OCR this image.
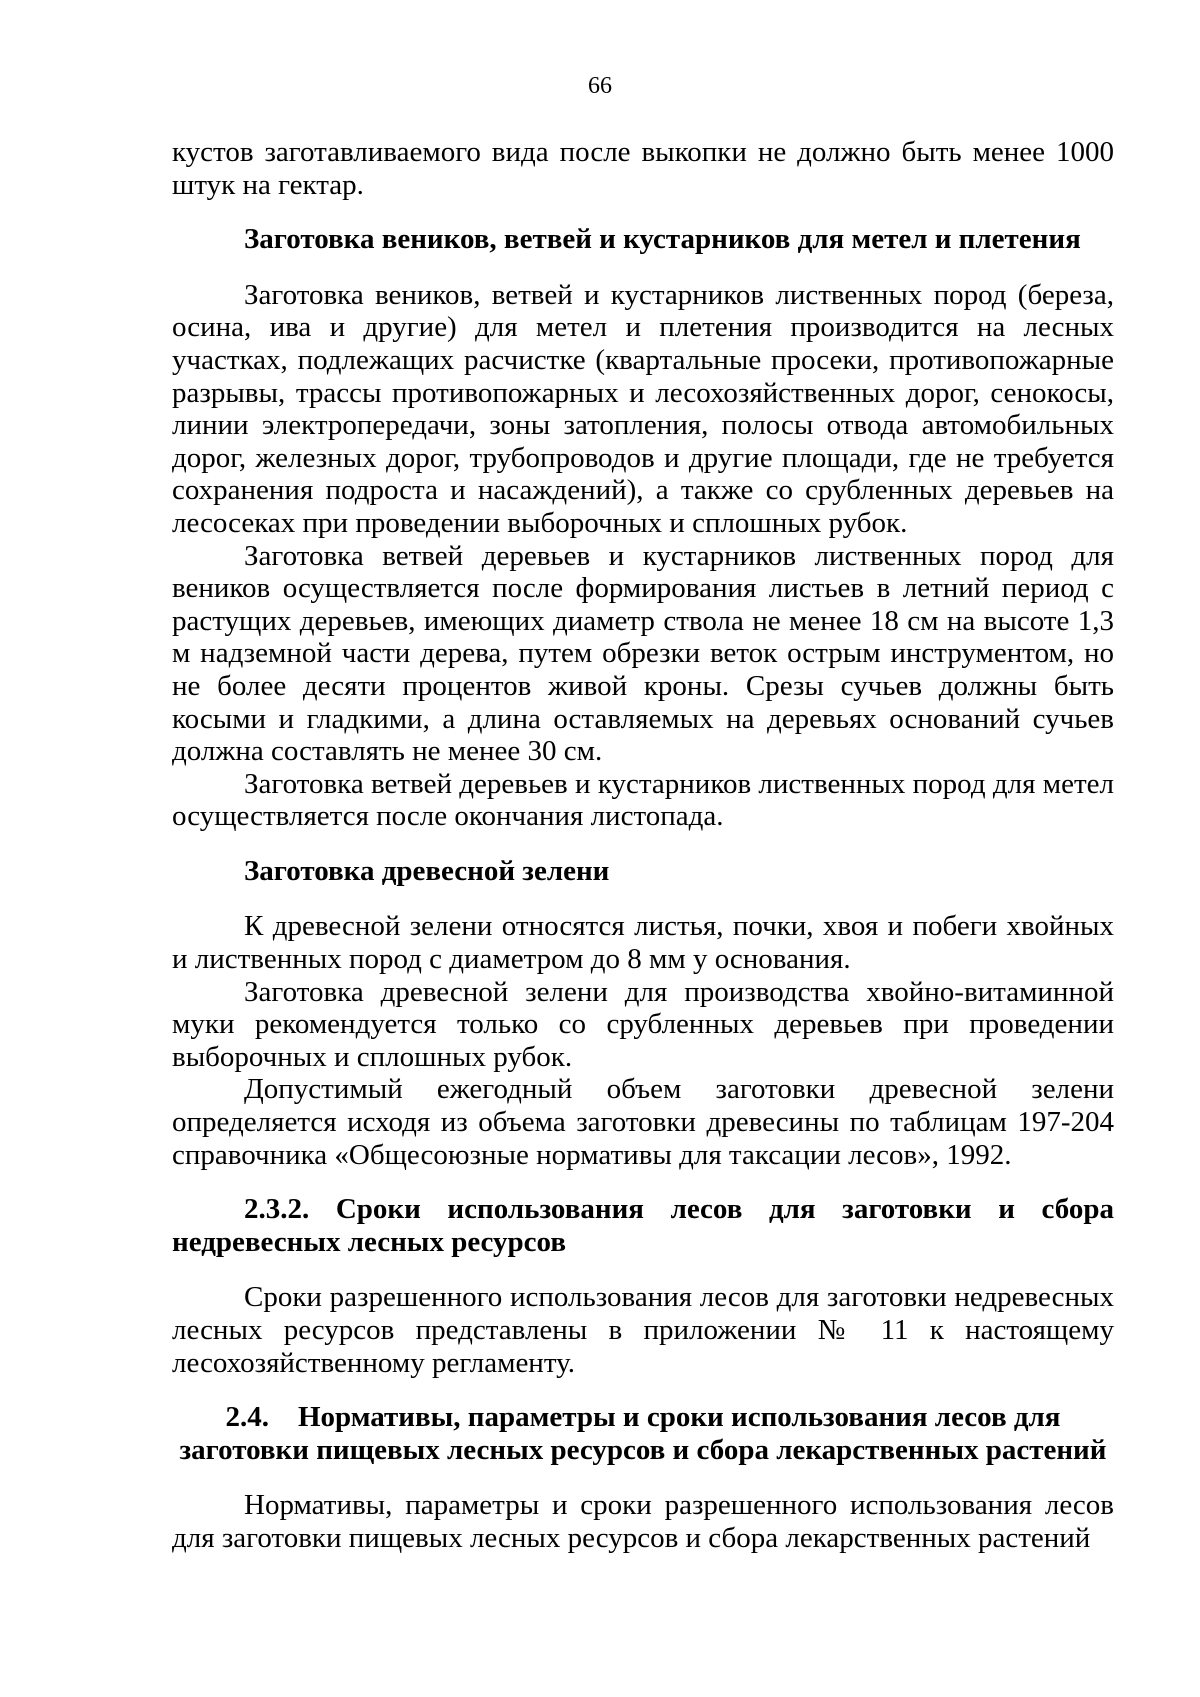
66

кустов заготавливаемого вида после выкопки не должно быть менее 1000 штук на гектар.

Заготовка веников, ветвей и кустарников для метел и плетения

Заготовка веников, ветвей и кустарников лиственных пород (береза, осина, ива и другие) для метел и плетения производится на лесных участках, подлежащих расчистке (квартальные просеки, противопожарные разрывы, трассы противопожарных и лесохозяйственных дорог, сенокосы, линии электропередачи, зоны затопления, полосы отвода автомобильных дорог, железных дорог, трубопроводов и другие площади, где не требуется сохранения подроста и насаждений), а также со срубленных деревьев на лесосеках при проведении выборочных и сплошных рубок.

Заготовка ветвей деревьев и кустарников лиственных пород для веников осуществляется после формирования листьев в летний период с растущих деревьев, имеющих диаметр ствола не менее 18 см на высоте 1,3 м надземной части дерева, путем обрезки веток острым инструментом, но не более десяти процентов живой кроны. Срезы сучьев должны быть косыми и гладкими, а длина оставляемых на деревьях оснований сучьев должна составлять не менее 30 см.

Заготовка ветвей деревьев и кустарников лиственных пород для метел осуществляется после окончания листопада.

Заготовка древесной зелени

К древесной зелени относятся листья, почки, хвоя и побеги хвойных и лиственных пород с диаметром до 8 мм у основания.

Заготовка древесной зелени для производства хвойно-витаминной муки рекомендуется только со срубленных деревьев при проведении выборочных и сплошных рубок.

Допустимый ежегодный объем заготовки древесной зелени определяется исходя из объема заготовки древесины по таблицам 197-204 справочника «Общесоюзные нормативы для таксации лесов», 1992.

2.3.2. Сроки использования лесов для заготовки и сбора недревесных лесных ресурсов

Сроки разрешенного использования лесов для заготовки недревесных лесных ресурсов представлены в приложении № 11 к настоящему лесохозяйственному регламенту.

2.4.    Нормативы, параметры и сроки использования лесов для

заготовки пищевых лесных ресурсов и сбора лекарственных растений

Нормативы, параметры и сроки разрешенного использования лесов для заготовки пищевых лесных ресурсов и сбора лекарственных растений
